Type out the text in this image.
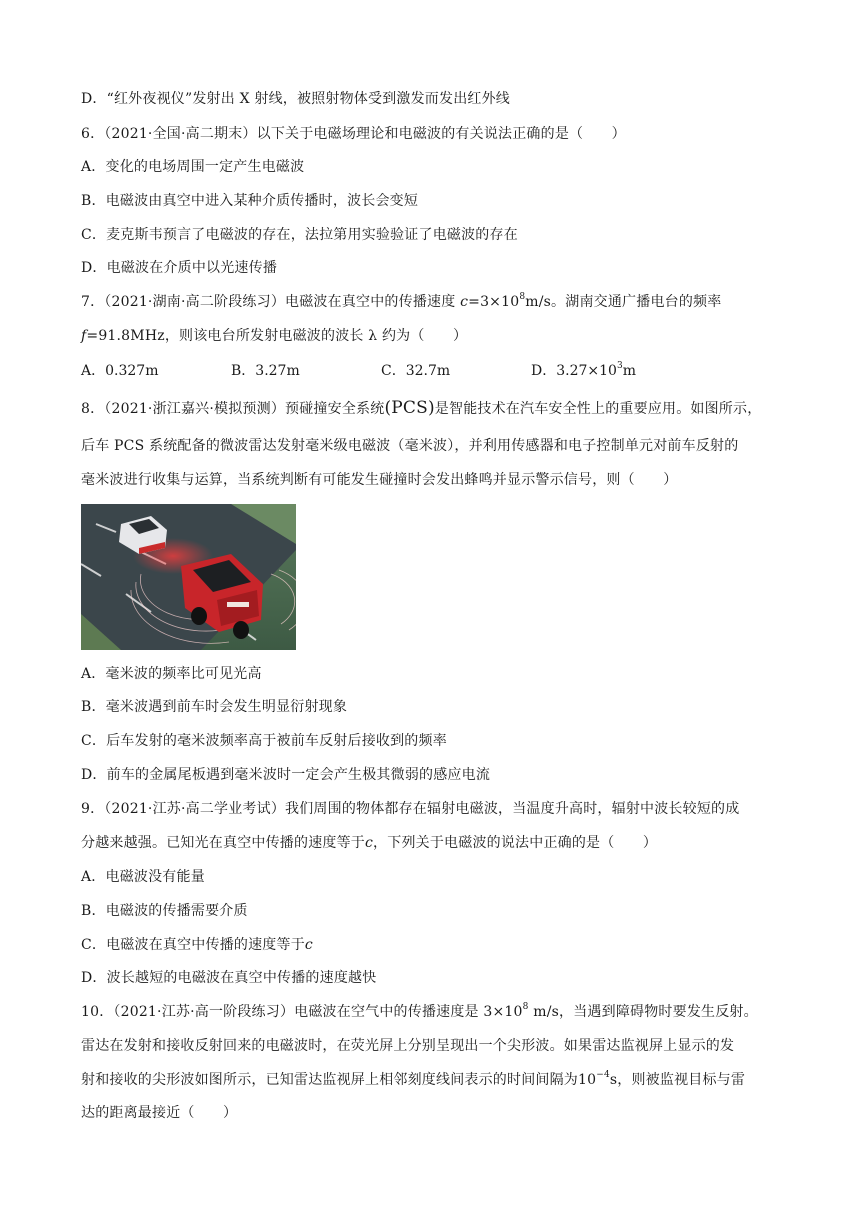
D．“红外夜视仪”发射出 X 射线，被照射物体受到激发而发出红外线
6．（2021·全国·高二期末）以下关于电磁场理论和电磁波的有关说法正确的是（　　）
A．变化的电场周围一定产生电磁波
B．电磁波由真空中进入某种介质传播时，波长会变短
C．麦克斯韦预言了电磁波的存在，法拉第用实验验证了电磁波的存在
D．电磁波在介质中以光速传播
7．（2021·湖南·高二阶段练习）电磁波在真空中的传播速度 $c=3\times 10^8m/s$。湖南交通广播电台的频率
f=91.8MHz，则该电台所发射电磁波的波长 λ 约为（　　）
A．0.327m	B．3.27m	C．32.7m	D．$3.27\times 10^3m$
8．（2021·浙江嘉兴·模拟预测）预碰撞安全系统(PCS)是智能技术在汽车安全性上的重要应用。如图所示，
后车 PCS 系统配备的微波雷达发射毫米级电磁波（毫米波），并利用传感器和电子控制单元对前车反射的
毫米波进行收集与运算，当系统判断有可能发生碰撞时会发出蜂鸣并显示警示信号，则（　　）
A．毫米波的频率比可见光高
B．毫米波遇到前车时会发生明显衍射现象
C．后车发射的毫米波频率高于被前车反射后接收到的频率
D．前车的金属尾板遇到毫米波时一定会产生极其微弱的感应电流
9．（2021·江苏·高二学业考试）我们周围的物体都存在辐射电磁波，当温度升高时，辐射中波长较短的成
分越来越强。已知光在真空中传播的速度等于c，下列关于电磁波的说法中正确的是（　　）
A．电磁波没有能量
B．电磁波的传播需要介质
C．电磁波在真空中传播的速度等于c
D．波长越短的电磁波在真空中传播的速度越快
10．（2021·江苏·高一阶段练习）电磁波在空气中的传播速度是 $3\times 10^8$ m/s，当遇到障碍物时要发生反射。
雷达在发射和接收反射回来的电磁波时，在荧光屏上分别呈现出一个尖形波。如果雷达监视屏上显示的发
射和接收的尖形波如图所示，已知雷达监视屏上相邻刻度线间表示的时间间隔为$10^{-4}s$，则被监视目标与雷
达的距离最接近（　　）
